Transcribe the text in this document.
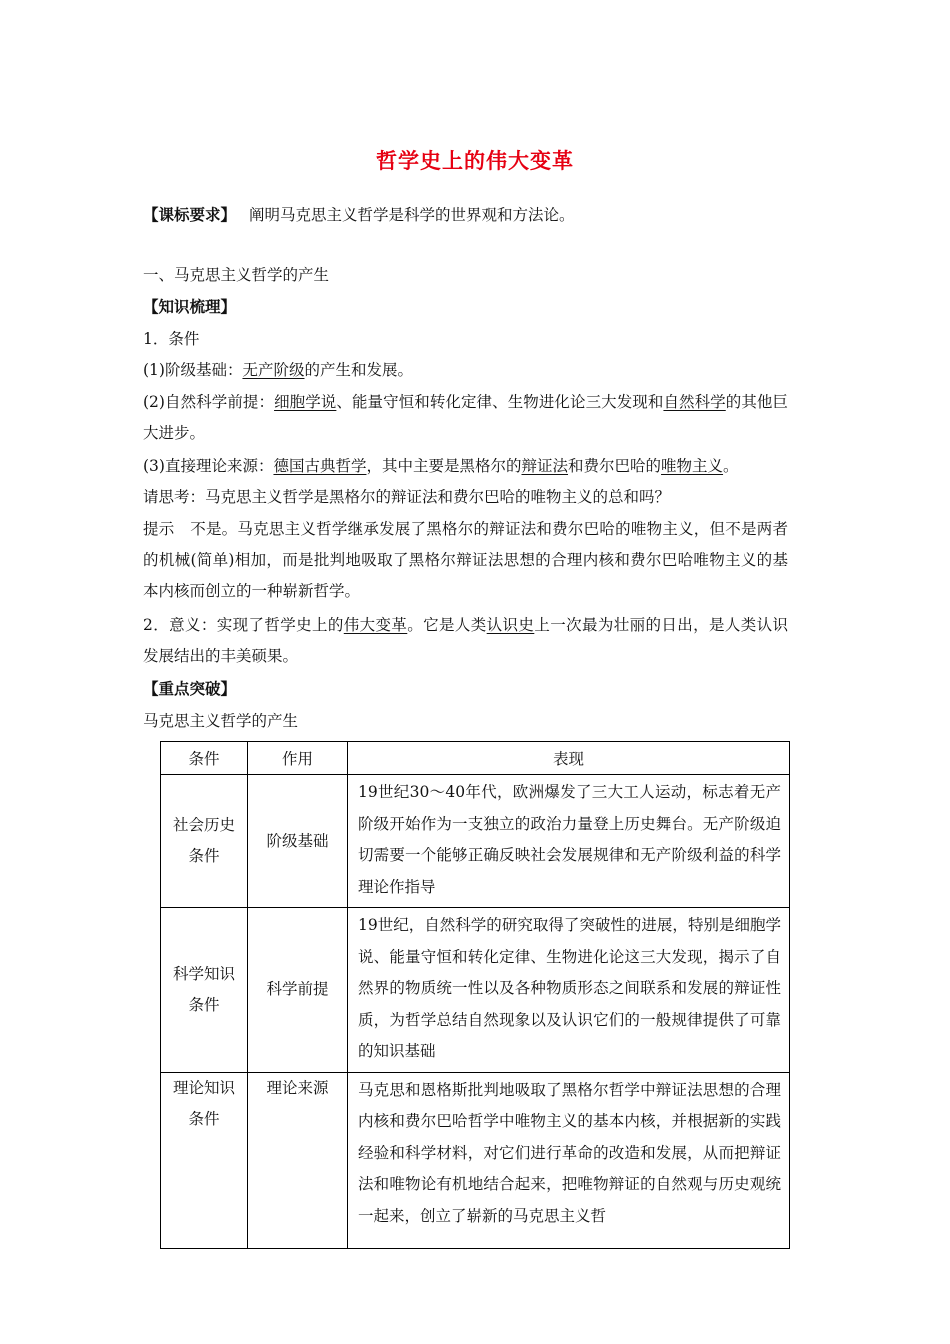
哲学史上的伟大变革
【课标要求】 阐明马克思主义哲学是科学的世界观和方法论。
一、马克思主义哲学的产生
【知识梳理】
1．条件
(1)阶级基础：无产阶级的产生和发展。
(2)自然科学前提：细胞学说、能量守恒和转化定律、生物进化论三大发现和自然科学的其他巨大进步。
(3)直接理论来源：德国古典哲学，其中主要是黑格尔的辩证法和费尔巴哈的唯物主义。
请思考：马克思主义哲学是黑格尔的辩证法和费尔巴哈的唯物主义的总和吗？
提示　不是。马克思主义哲学继承发展了黑格尔的辩证法和费尔巴哈的唯物主义，但不是两者的机械(简单)相加，而是批判地吸取了黑格尔辩证法思想的合理内核和费尔巴哈唯物主义的基本内核而创立的一种崭新哲学。
2．意义：实现了哲学史上的伟大变革。它是人类认识史上一次最为壮丽的日出，是人类认识发展结出的丰美硕果。
【重点突破】
马克思主义哲学的产生
条件	作用	表现
社会历史条件	阶级基础	19世纪30～40年代，欧洲爆发了三大工人运动，标志着无产阶级开始作为一支独立的政治力量登上历史舞台。无产阶级迫切需要一个能够正确反映社会发展规律和无产阶级利益的科学理论作指导
科学知识条件	科学前提	19世纪，自然科学的研究取得了突破性的进展，特别是细胞学说、能量守恒和转化定律、生物进化论这三大发现，揭示了自然界的物质统一性以及各种物质形态之间联系和发展的辩证性质，为哲学总结自然现象以及认识它们的一般规律提供了可靠的知识基础
理论知识条件	理论来源	马克思和恩格斯批判地吸取了黑格尔哲学中辩证法思想的合理内核和费尔巴哈哲学中唯物主义的基本内核，并根据新的实践经验和科学材料，对它们进行革命的改造和发展，从而把辩证法和唯物论有机地结合起来，把唯物辩证的自然观与历史观统一起来，创立了崭新的马克思主义哲
